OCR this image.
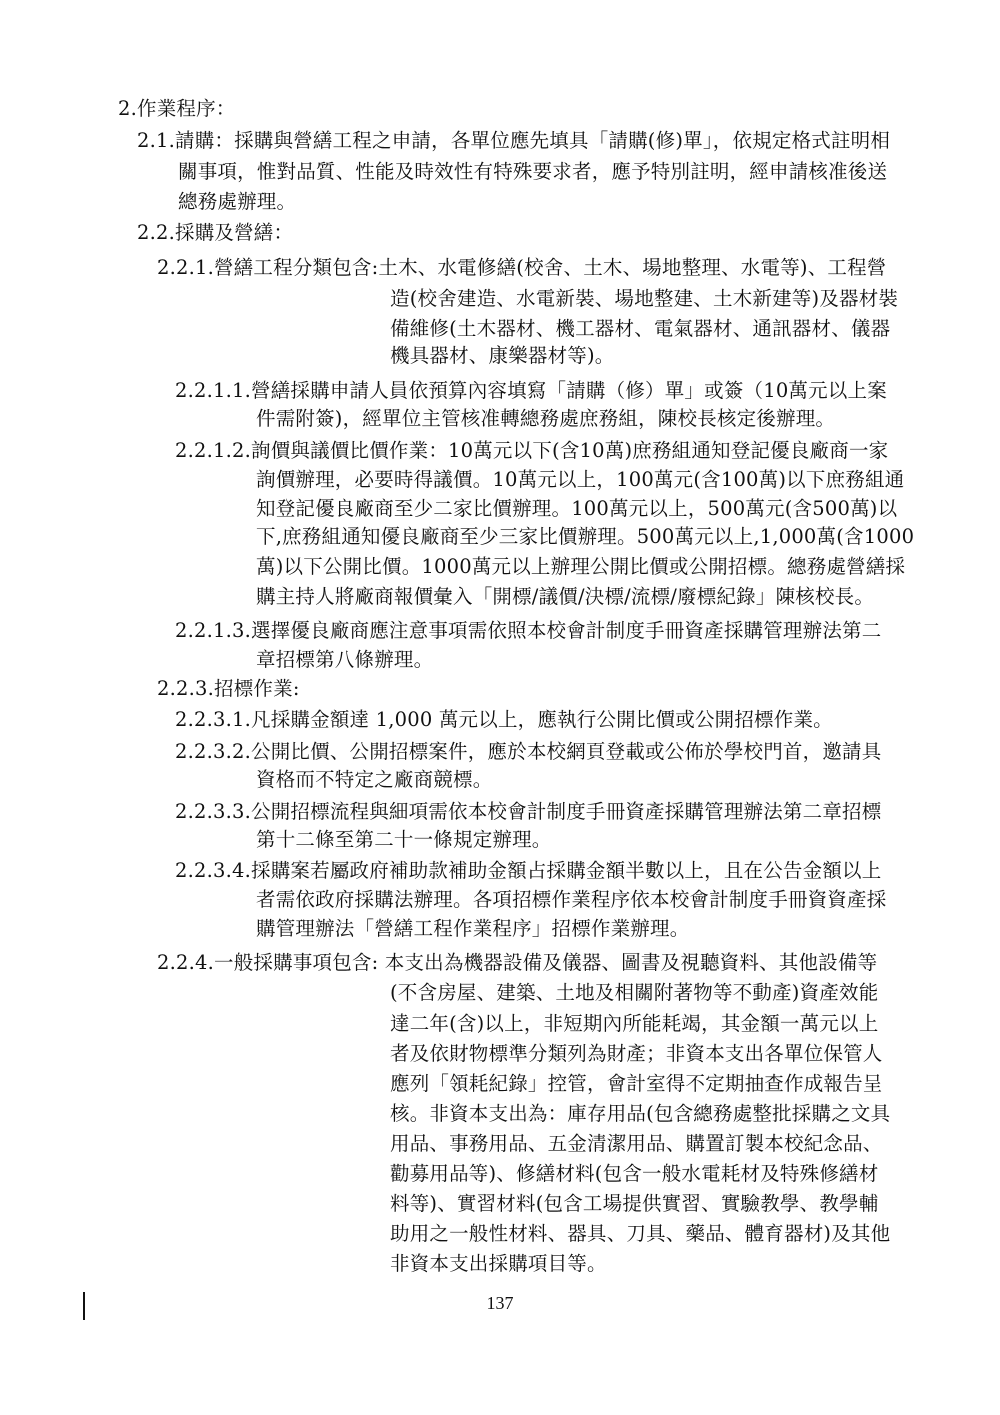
2.作業程序：
2.1.請購：採購與營繕工程之申請，各單位應先填具「請購(修)單」，依規定格式註明相
關事項，惟對品質、性能及時效性有特殊要求者，應予特別註明，經申請核准後送
總務處辦理。
2.2.採購及營繕：
2.2.1.營繕工程分類包含:土木、水電修繕(校舍、土木、場地整理、水電等)、工程營
造(校舍建造、水電新裝、場地整建、土木新建等)及器材裝
備維修(土木器材、機工器材、電氣器材、通訊器材、儀器
機具器材、康樂器材等)。
2.2.1.1.營繕採購申請人員依預算內容填寫「請購（修）單」或簽（10萬元以上案
件需附簽)，經單位主管核准轉總務處庶務組，陳校長核定後辦理。
2.2.1.2.詢價與議價比價作業：10萬元以下(含10萬)庶務組通知登記優良廠商一家
詢價辦理，必要時得議價。10萬元以上，100萬元(含100萬)以下庶務組通
知登記優良廠商至少二家比價辦理。100萬元以上，500萬元(含500萬)以
下,庶務組通知優良廠商至少三家比價辦理。500萬元以上,1,000萬(含1000
萬)以下公開比價。1000萬元以上辦理公開比價或公開招標。總務處營繕採
購主持人將廠商報價彙入「開標/議價/決標/流標/廢標紀錄」陳核校長。
2.2.1.3.選擇優良廠商應注意事項需依照本校會計制度手冊資產採購管理辦法第二
章招標第八條辦理。
2.2.3.招標作業:
2.2.3.1.凡採購金額達 1,000 萬元以上，應執行公開比價或公開招標作業。
2.2.3.2.公開比價、公開招標案件，應於本校網頁登載或公佈於學校門首，邀請具
資格而不特定之廠商競標。
2.2.3.3.公開招標流程與細項需依本校會計制度手冊資產採購管理辦法第二章招標
第十二條至第二十一條規定辦理。
2.2.3.4.採購案若屬政府補助款補助金額占採購金額半數以上，且在公告金額以上
者需依政府採購法辦理。各項招標作業程序依本校會計制度手冊資資產採
購管理辦法「營繕工程作業程序」招標作業辦理。
2.2.4.一般採購事項包含: 本支出為機器設備及儀器、圖書及視聽資料、其他設備等
(不含房屋、建築、土地及相關附著物等不動產)資產效能
達二年(含)以上，非短期內所能耗竭，其金額一萬元以上
者及依財物標準分類列為財產；非資本支出各單位保管人
應列「領耗紀錄」控管，會計室得不定期抽查作成報告呈
核。非資本支出為：庫存用品(包含總務處整批採購之文具
用品、事務用品、五金清潔用品、購置訂製本校紀念品、
勸募用品等)、修繕材料(包含一般水電耗材及特殊修繕材
料等)、實習材料(包含工場提供實習、實驗教學、教學輔
助用之一般性材料、器具、刀具、藥品、體育器材)及其他
非資本支出採購項目等。
137
